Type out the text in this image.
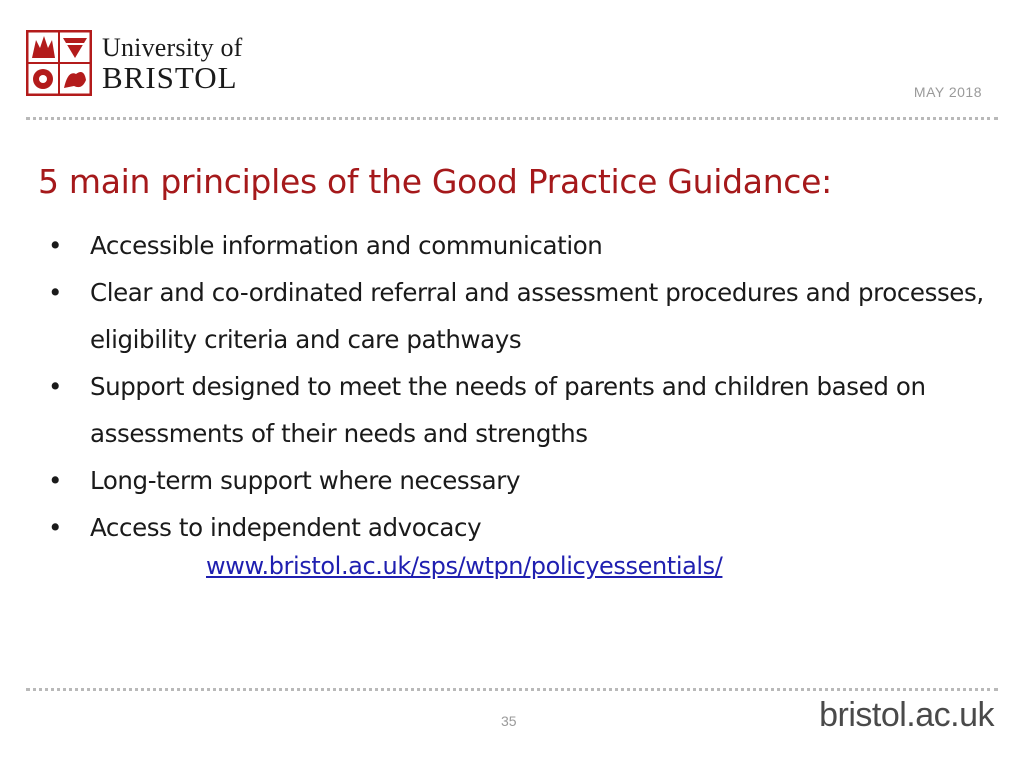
University of
BRISTOL	MAY 2018
5 main principles of the Good Practice Guidance:
• Accessible information and communication
• Clear and co-ordinated referral and assessment procedures and processes, eligibility criteria and care pathways
• Support designed to meet the needs of parents and children based on assessments of their needs and strengths
• Long-term support where necessary
• Access to independent advocacy
www.bristol.ac.uk/sps/wtpn/policyessentials/
35	bristol.ac.uk
